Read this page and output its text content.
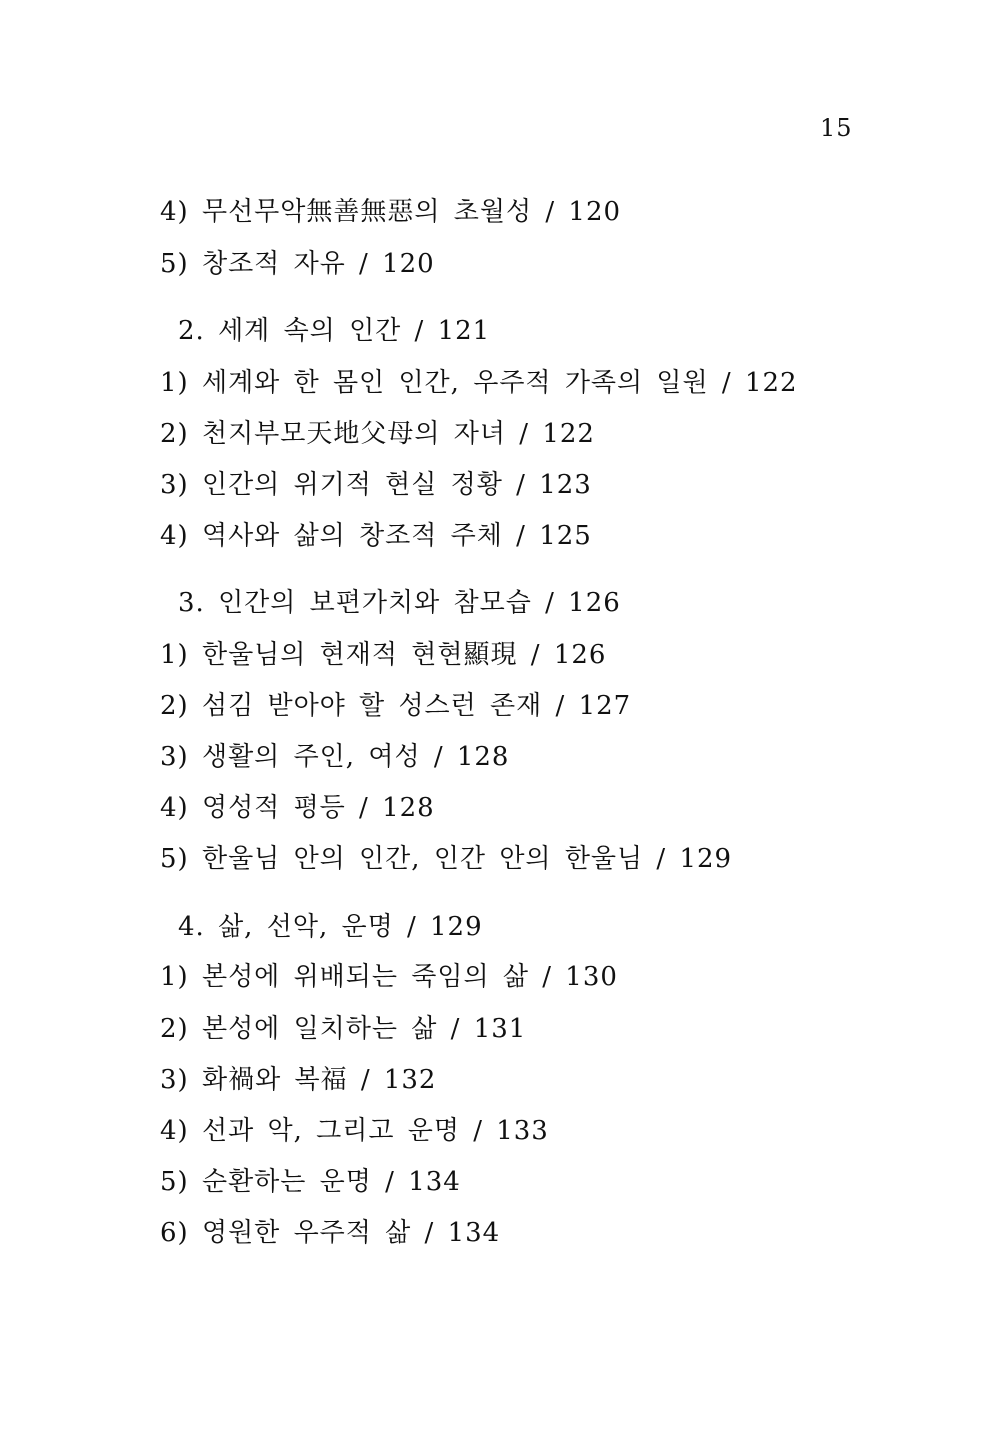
15
4) 무선무악無善無惡의 초월성 / 120
5) 창조적 자유 / 120
2. 세계 속의 인간 / 121
1) 세계와 한 몸인 인간, 우주적 가족의 일원 / 122
2) 천지부모天地父母의 자녀 / 122
3) 인간의 위기적 현실 정황 / 123
4) 역사와 삶의 창조적 주체 / 125
3. 인간의 보편가치와 참모습 / 126
1) 한울님의 현재적 현현顯現 / 126
2) 섬김 받아야 할 성스런 존재 / 127
3) 생활의 주인, 여성 / 128
4) 영성적 평등 / 128
5) 한울님 안의 인간, 인간 안의 한울님 / 129
4. 삶, 선악, 운명 / 129
1) 본성에 위배되는 죽임의 삶 / 130
2) 본성에 일치하는 삶 / 131
3) 화禍와 복福 / 132
4) 선과 악, 그리고 운명 / 133
5) 순환하는 운명 / 134
6) 영원한 우주적 삶 / 134
